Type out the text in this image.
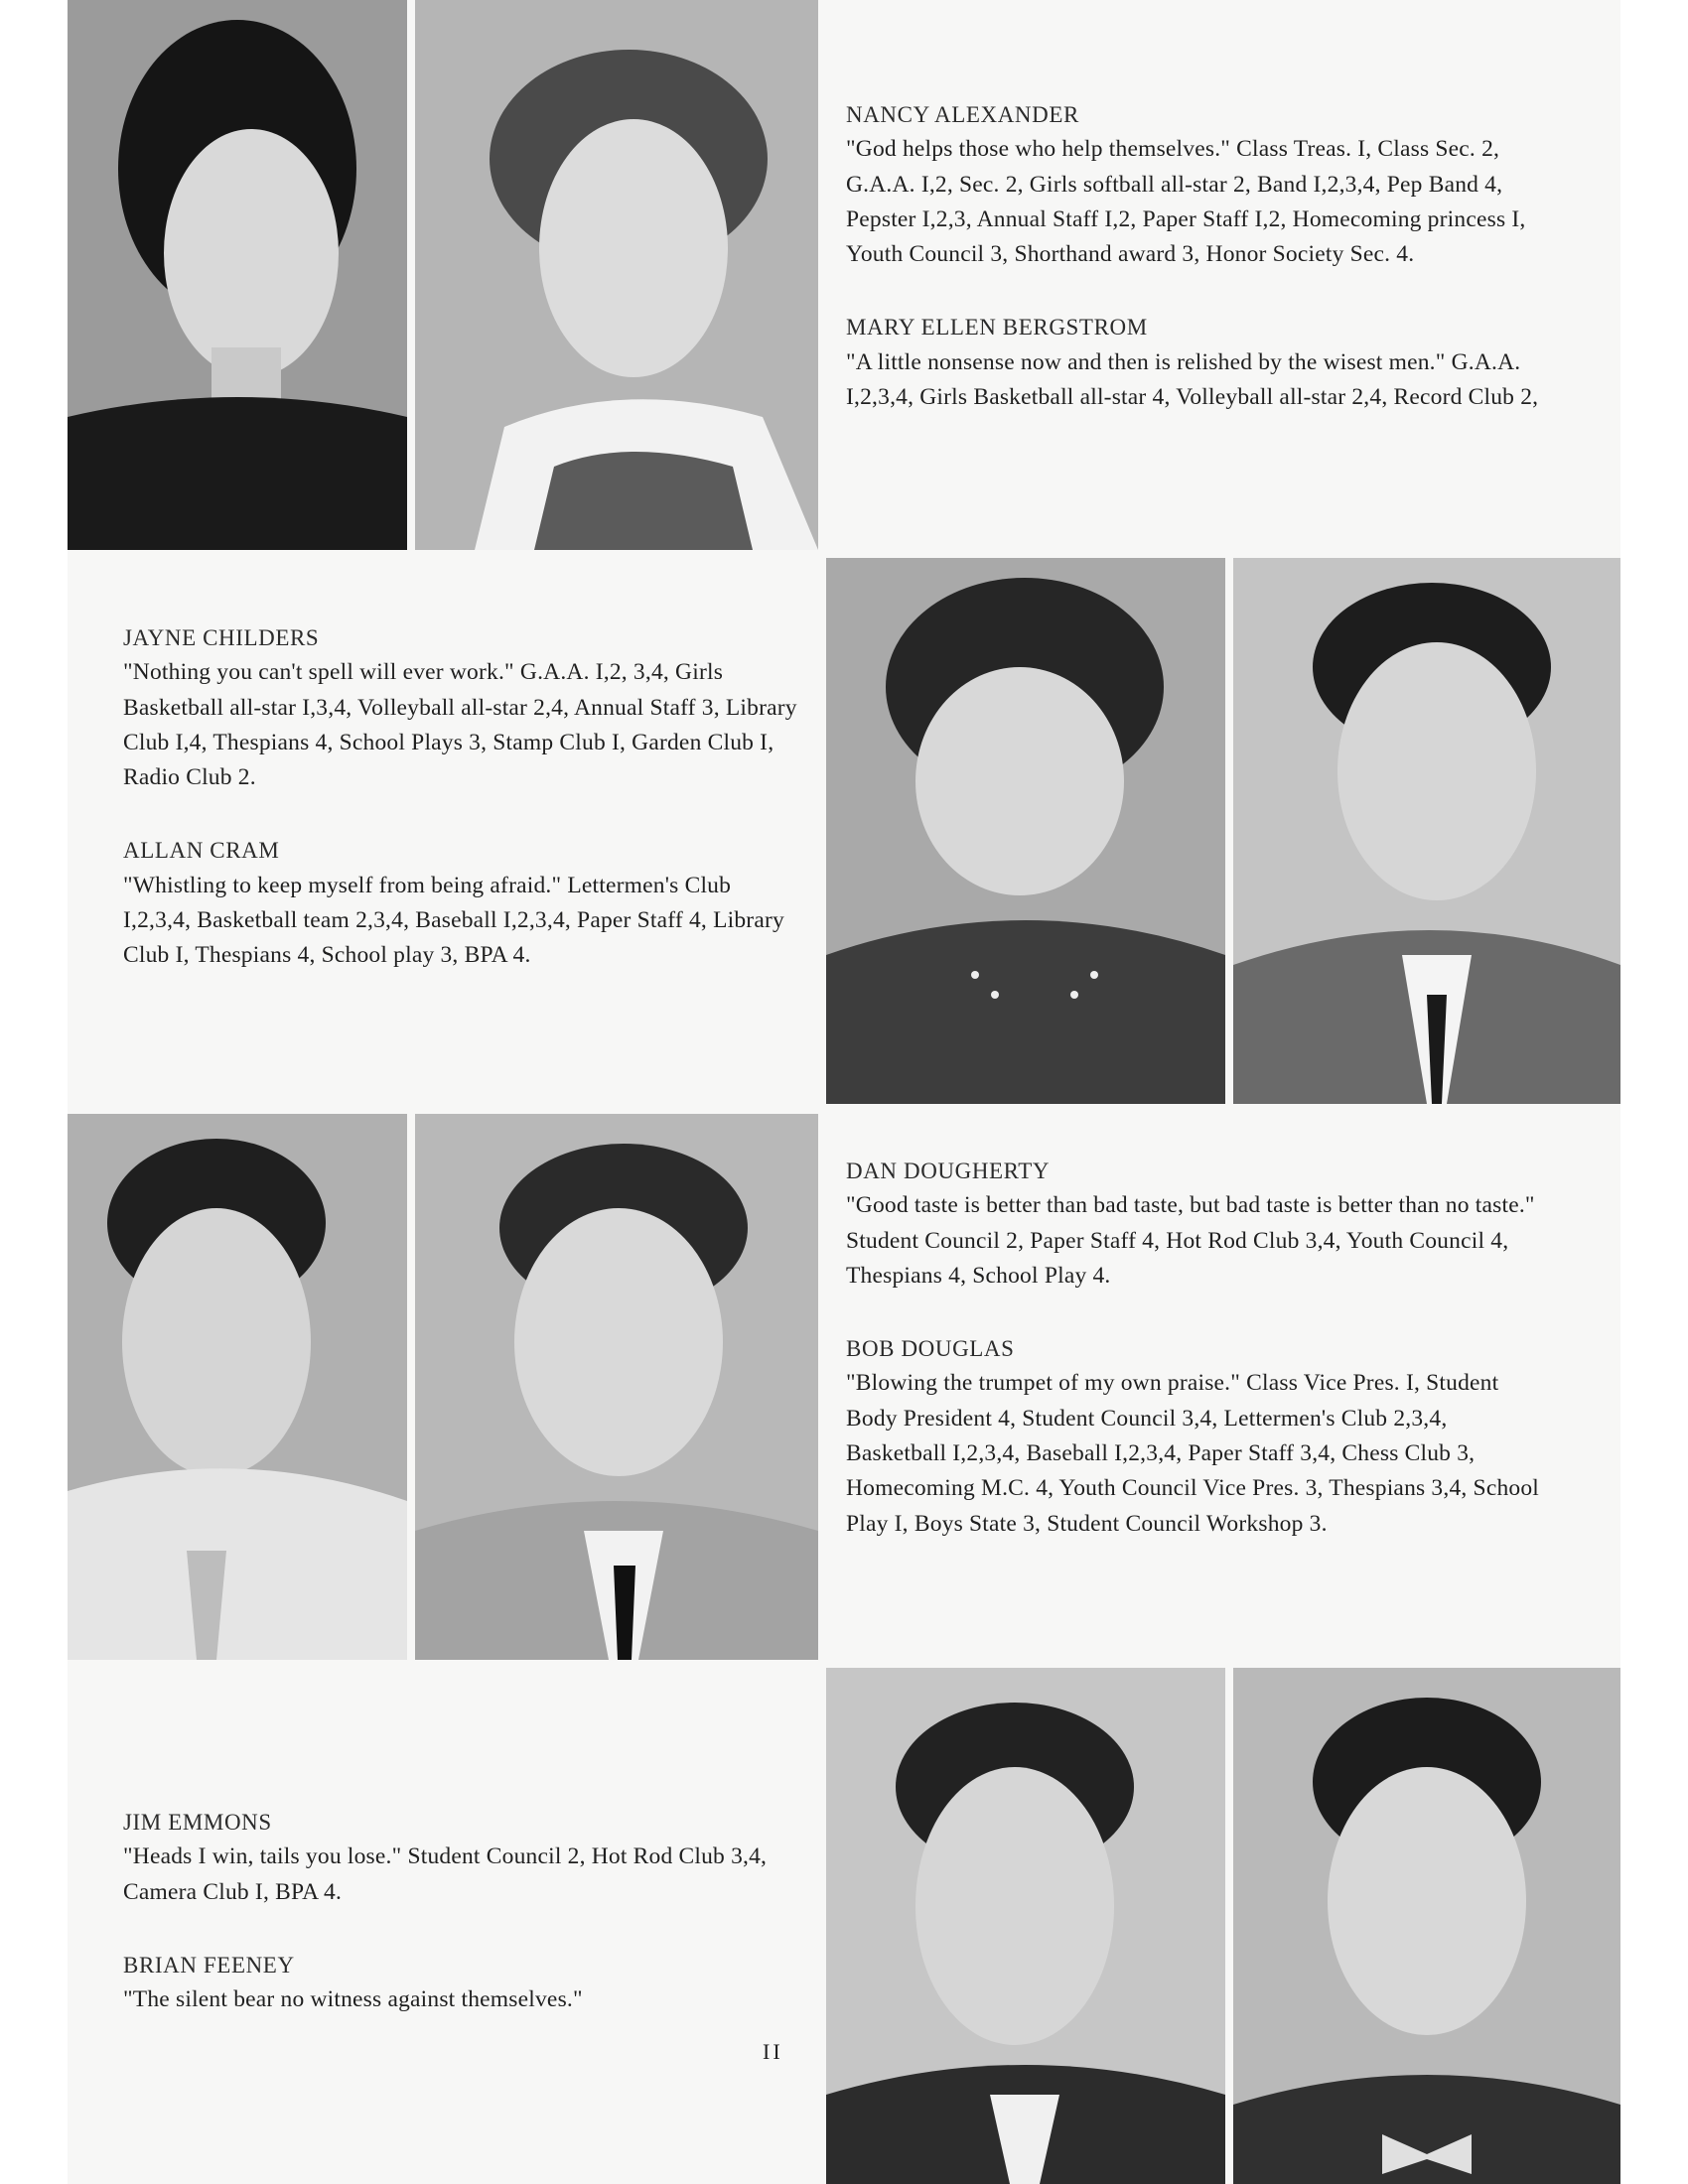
NANCY ALEXANDER
"God helps those who help themselves." Class Treas. I, Class Sec. 2, G.A.A. I,2, Sec. 2, Girls softball all-star 2, Band I,2,3,4, Pep Band 4, Pepster I,2,3, Annual Staff I,2, Paper Staff I,2, Homecoming princess I, Youth Council 3, Shorthand award 3, Honor Society Sec. 4.
MARY ELLEN BERGSTROM
"A little nonsense now and then is relished by the wisest men." G.A.A. I,2,3,4, Girls Basketball all-star 4, Volleyball all-star 2,4, Record Club 2,
JAYNE CHILDERS
"Nothing you can't spell will ever work." G.A.A. I,2, 3,4, Girls Basketball all-star I,3,4, Volleyball all-star 2,4, Annual Staff 3, Library Club I,4, Thespians 4, School Plays 3, Stamp Club I, Garden Club I, Radio Club 2.
ALLAN CRAM
"Whistling to keep myself from being afraid." Lettermen's Club I,2,3,4, Basketball team 2,3,4, Baseball I,2,3,4, Paper Staff 4, Library Club I, Thespians 4, School play 3, BPA 4.
DAN DOUGHERTY
"Good taste is better than bad taste, but bad taste is better than no taste." Student Council 2, Paper Staff 4, Hot Rod Club 3,4, Youth Council 4, Thespians 4, School Play 4.
BOB DOUGLAS
"Blowing the trumpet of my own praise." Class Vice Pres. I, Student Body President 4, Student Council 3,4, Lettermen's Club 2,3,4, Basketball I,2,3,4, Baseball I,2,3,4, Paper Staff 3,4, Chess Club 3, Homecoming M.C. 4, Youth Council Vice Pres. 3, Thespians 3,4, School Play I, Boys State 3, Student Council Workshop 3.
JIM EMMONS
"Heads I win, tails you lose." Student Council 2, Hot Rod Club 3,4, Camera Club I, BPA 4.
BRIAN FEENEY
"The silent bear no witness against themselves."
II
